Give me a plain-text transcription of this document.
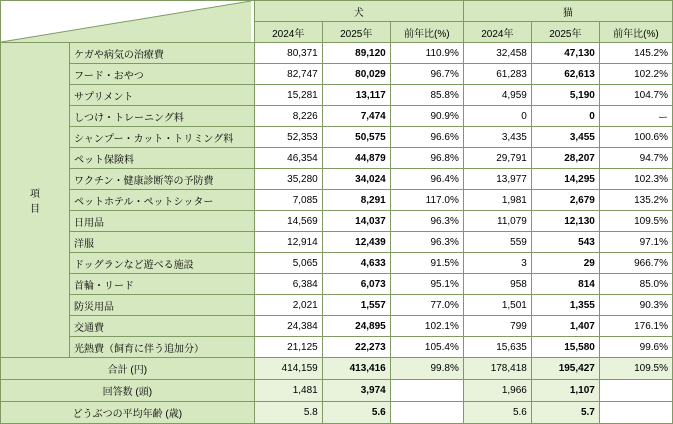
	犬			猫		
		2024年	2025年	前年比(%)	2024年	2025年	前年比(%)

項
目	ケガや病気の治療費	80,371	89,120	110.9%	32,458	47,130	145.2%
	フード・おやつ	82,747	80,029	96.7%	61,283	62,613	102.2%
	サプリメント	15,281	13,117	85.8%	4,959	5,190	104.7%
	しつけ・トレーニング料	8,226	7,474	90.9%	0	0	ー
	シャンプー・カット・トリミング料	52,353	50,575	96.6%	3,435	3,455	100.6%
	ペット保険料	46,354	44,879	96.8%	29,791	28,207	94.7%
	ワクチン・健康診断等の予防費	35,280	34,024	96.4%	13,977	14,295	102.3%
	ペットホテル・ペットシッター	7,085	8,291	117.0%	1,981	2,679	135.2%
	日用品	14,569	14,037	96.3%	11,079	12,130	109.5%
	洋服	12,914	12,439	96.3%	559	543	97.1%
	ドッグランなど遊べる施設	5,065	4,633	91.5%	3	29	966.7%
	首輪・リード	6,384	6,073	95.1%	958	814	85.0%
	防災用品	2,021	1,557	77.0%	1,501	1,355	90.3%
	交通費	24,384	24,895	102.1%	799	1,407	176.1%
	光熱費（飼育に伴う追加分）	21,125	22,273	105.4%	15,635	15,580	99.6%
合計 (円)		414,159	413,416	99.8%	178,418	195,427	109.5%
回答数 (頭)		1,481	3,974		1,966	1,107	
どうぶつの平均年齢 (歳)		5.8	5.6		5.6	5.7	
